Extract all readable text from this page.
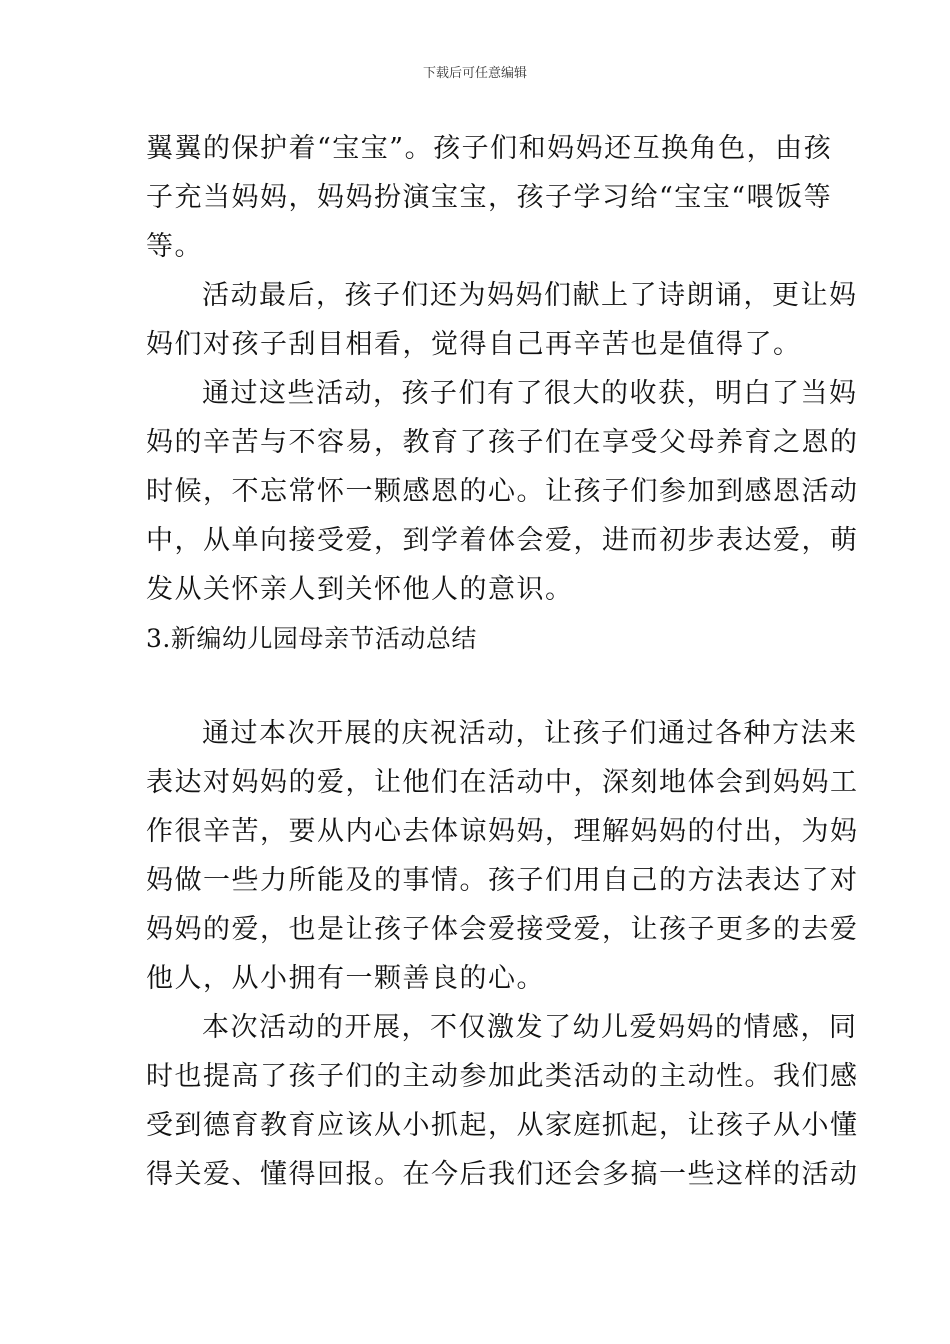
下载后可任意编辑
翼翼的保护着“宝宝”。孩子们和妈妈还互换角色，由孩
子充当妈妈，妈妈扮演宝宝，孩子学习给“宝宝“喂饭等
等。
活动最后，孩子们还为妈妈们献上了诗朗诵，更让妈
妈们对孩子刮目相看，觉得自己再辛苦也是值得了。
通过这些活动，孩子们有了很大的收获，明白了当妈
妈的辛苦与不容易，教育了孩子们在享受父母养育之恩的
时候，不忘常怀一颗感恩的心。让孩子们参加到感恩活动
中，从单向接受爱，到学着体会爱，进而初步表达爱，萌
发从关怀亲人到关怀他人的意识。
3.新编幼儿园母亲节活动总结
通过本次开展的庆祝活动，让孩子们通过各种方法来
表达对妈妈的爱，让他们在活动中，深刻地体会到妈妈工
作很辛苦，要从内心去体谅妈妈，理解妈妈的付出，为妈
妈做一些力所能及的事情。孩子们用自己的方法表达了对
妈妈的爱，也是让孩子体会爱接受爱，让孩子更多的去爱
他人，从小拥有一颗善良的心。
本次活动的开展，不仅激发了幼儿爱妈妈的情感，同
时也提高了孩子们的主动参加此类活动的主动性。我们感
受到德育教育应该从小抓起，从家庭抓起，让孩子从小懂
得关爱、懂得回报。在今后我们还会多搞一些这样的活动
